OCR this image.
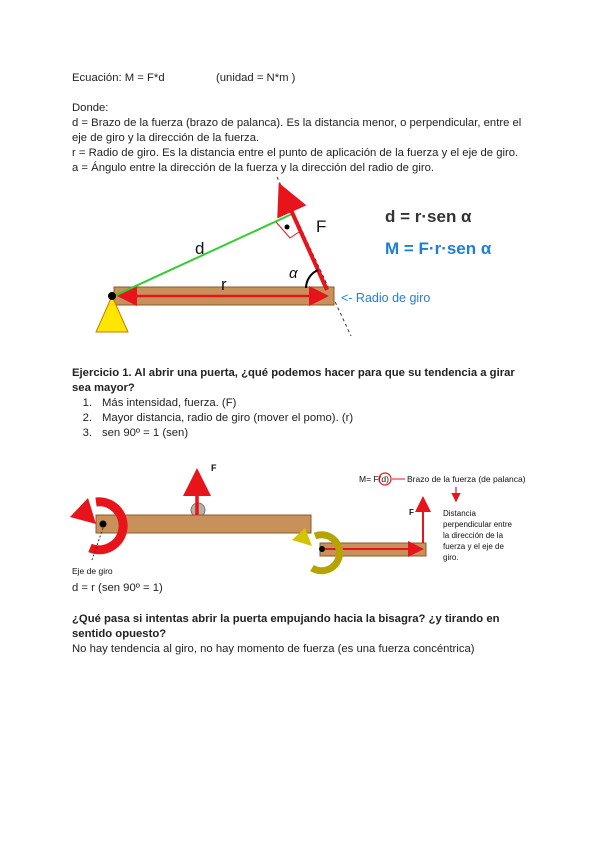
Ecuación: M = F*d	(unidad = N*m )

Donde:

d = Brazo de la fuerza (brazo de palanca). Es la distancia menor, o perpendicular, entre el

eje de giro y la dirección de la fuerza.

r = Radio de giro. Es la distancia entre el punto de aplicación de la fuerza y el eje de giro.

a = Ángulo entre la dirección de la fuerza y la dirección del radio de giro.

d
r
F
α
d = r·sen α
M = F·r·sen α
<- Radio de giro

Ejercicio 1. Al abrir una puerta, ¿qué podemos hacer para que su tendencia a girar

sea mayor?

1. Más intensidad, fuerza. (F)
2. Mayor distancia, radio de giro (mover el pomo). (r)
3. sen 90º = 1 (sen)
F
Eje de giro
F
M= F(d) Brazo de la fuerza (de palanca)
Distancia
perpendicular entre
la dirección de la
fuerza y el eje de
giro.

d = r (sen 90º = 1)

¿Qué pasa si intentas abrir la puerta empujando hacia la bisagra? ¿y tirando en

sentido opuesto?

No hay tendencia al giro, no hay momento de fuerza (es una fuerza concéntrica)
